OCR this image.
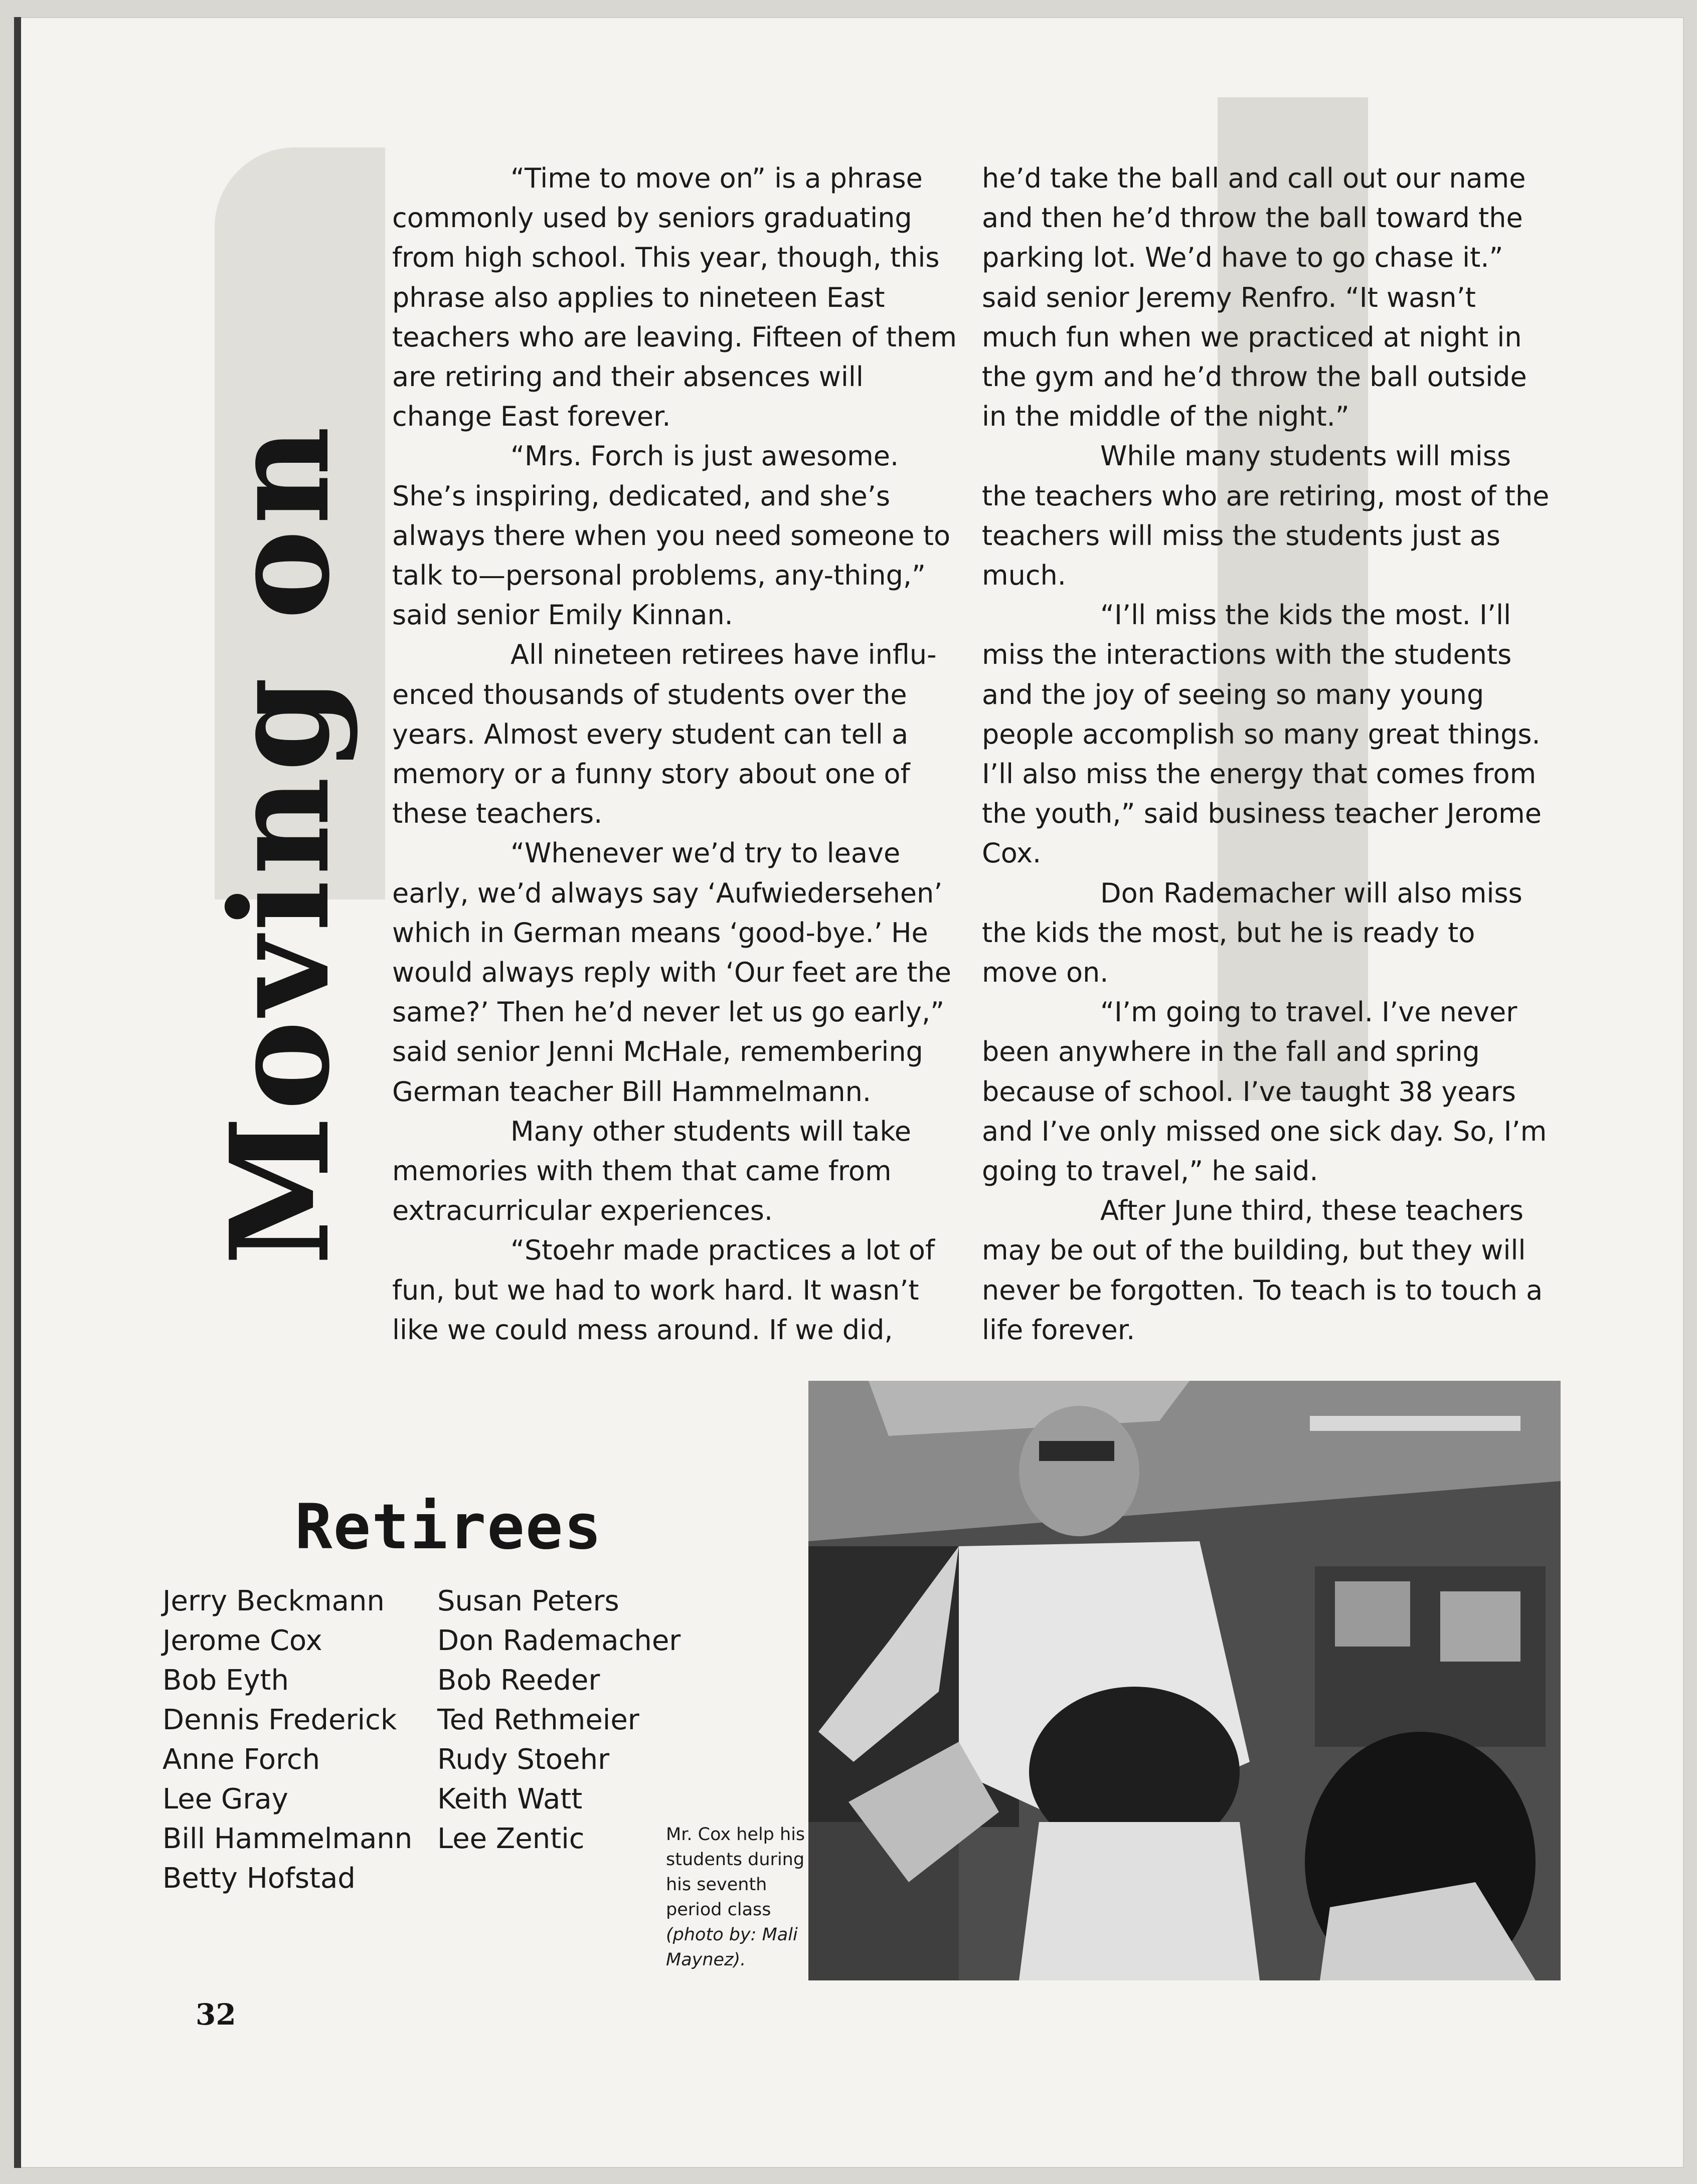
Moving on

“Time to move on” is a phrase commonly used by seniors graduating from high school. This year, though, this phrase also applies to nineteen East teachers who are leaving. Fifteen of them are retiring and their absences will change East forever.

“Mrs. Forch is just awesome. She’s inspiring, dedicated, and she’s always there when you need someone to talk to—personal problems, any-thing,” said senior Emily Kinnan.

All nineteen retirees have influ-enced thousands of students over the years. Almost every student can tell a memory or a funny story about one of these teachers.

“Whenever we’d try to leave early, we’d always say ‘Aufwiedersehen’ which in German means ‘good-bye.’ He would always reply with ‘Our feet are the same?’ Then he’d never let us go early,” said senior Jenni McHale, remembering German teacher Bill Hammelmann.

Many other students will take memories with them that came from extracurricular experiences.

“Stoehr made practices a lot of fun, but we had to work hard. It wasn’t like we could mess around. If we did,

he’d take the ball and call out our name and then he’d throw the ball toward the parking lot. We’d have to go chase it.” said senior Jeremy Renfro. “It wasn’t much fun when we practiced at night in the gym and he’d throw the ball outside in the middle of the night.”

While many students will miss the teachers who are retiring, most of the teachers will miss the students just as much.

“I’ll miss the kids the most. I’ll miss the interactions with the students and the joy of seeing so many young people accomplish so many great things. I’ll also miss the energy that comes from the youth,” said business teacher Jerome Cox.

Don Rademacher will also miss the kids the most, but he is ready to move on.

“I’m going to travel. I’ve never been anywhere in the fall and spring because of school. I’ve taught 38 years and I’ve only missed one sick day. So, I’m going to travel,” he said.

After June third, these teachers may be out of the building, but they will never be forgotten. To teach is to touch a life forever.

Retirees
Jerry Beckmann
Jerome Cox
Bob Eyth
Dennis Frederick
Anne Forch
Lee Gray
Bill Hammelmann
Betty Hofstad
Susan Peters
Don Rademacher
Bob Reeder
Ted Rethmeier
Rudy Stoehr
Keith Watt
Lee Zentic	Mr. Cox help his students during his seventh period class (photo by: Mali Maynez).
32
